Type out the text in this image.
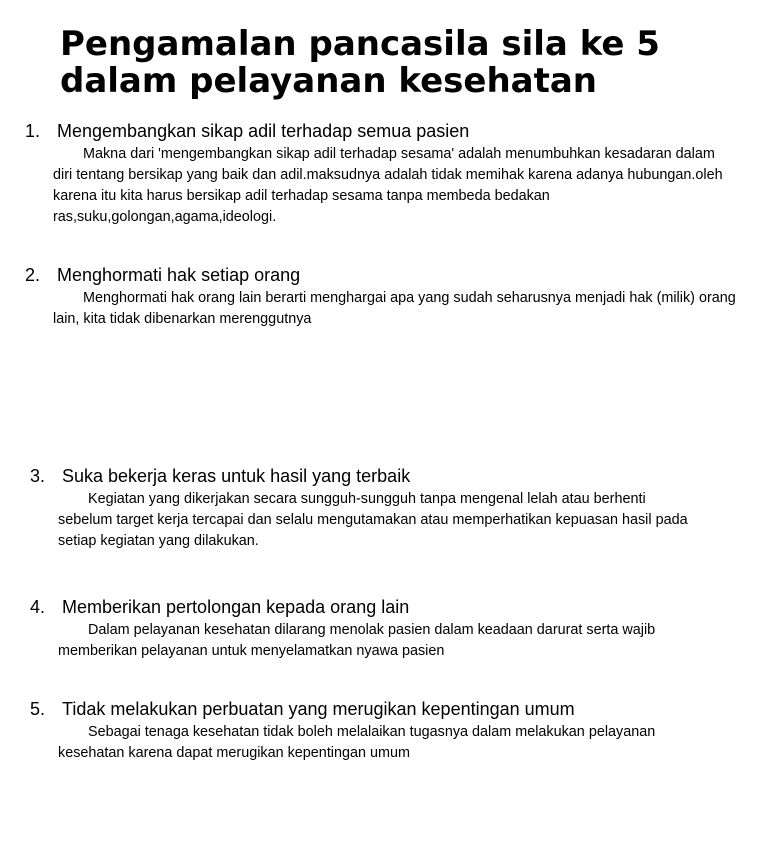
Pengamalan pancasila sila ke 5 dalam pelayanan kesehatan
1. Mengembangkan sikap adil terhadap semua pasien
Makna dari 'mengembangkan sikap adil terhadap sesama' adalah menumbuhkan kesadaran dalam diri tentang bersikap yang baik dan adil.maksudnya adalah tidak memihak karena adanya hubungan.oleh karena itu kita harus bersikap adil terhadap sesama tanpa membeda bedakan ras,suku,golongan,agama,ideologi.
2. Menghormati hak setiap orang
Menghormati hak orang lain berarti menghargai apa yang sudah seharusnya menjadi hak (milik) orang lain, kita tidak dibenarkan merenggutnya
3. Suka bekerja keras untuk hasil yang terbaik
Kegiatan yang dikerjakan secara sungguh-sungguh tanpa mengenal lelah atau berhenti sebelum target kerja tercapai dan selalu mengutamakan atau memperhatikan kepuasan hasil pada setiap kegiatan yang dilakukan.
4. Memberikan pertolongan kepada orang lain
Dalam pelayanan kesehatan dilarang menolak pasien dalam keadaan darurat serta wajib memberikan pelayanan untuk menyelamatkan nyawa pasien
5. Tidak melakukan perbuatan yang merugikan kepentingan umum
Sebagai tenaga kesehatan tidak boleh melalaikan tugasnya dalam melakukan pelayanan kesehatan karena dapat merugikan kepentingan umum
